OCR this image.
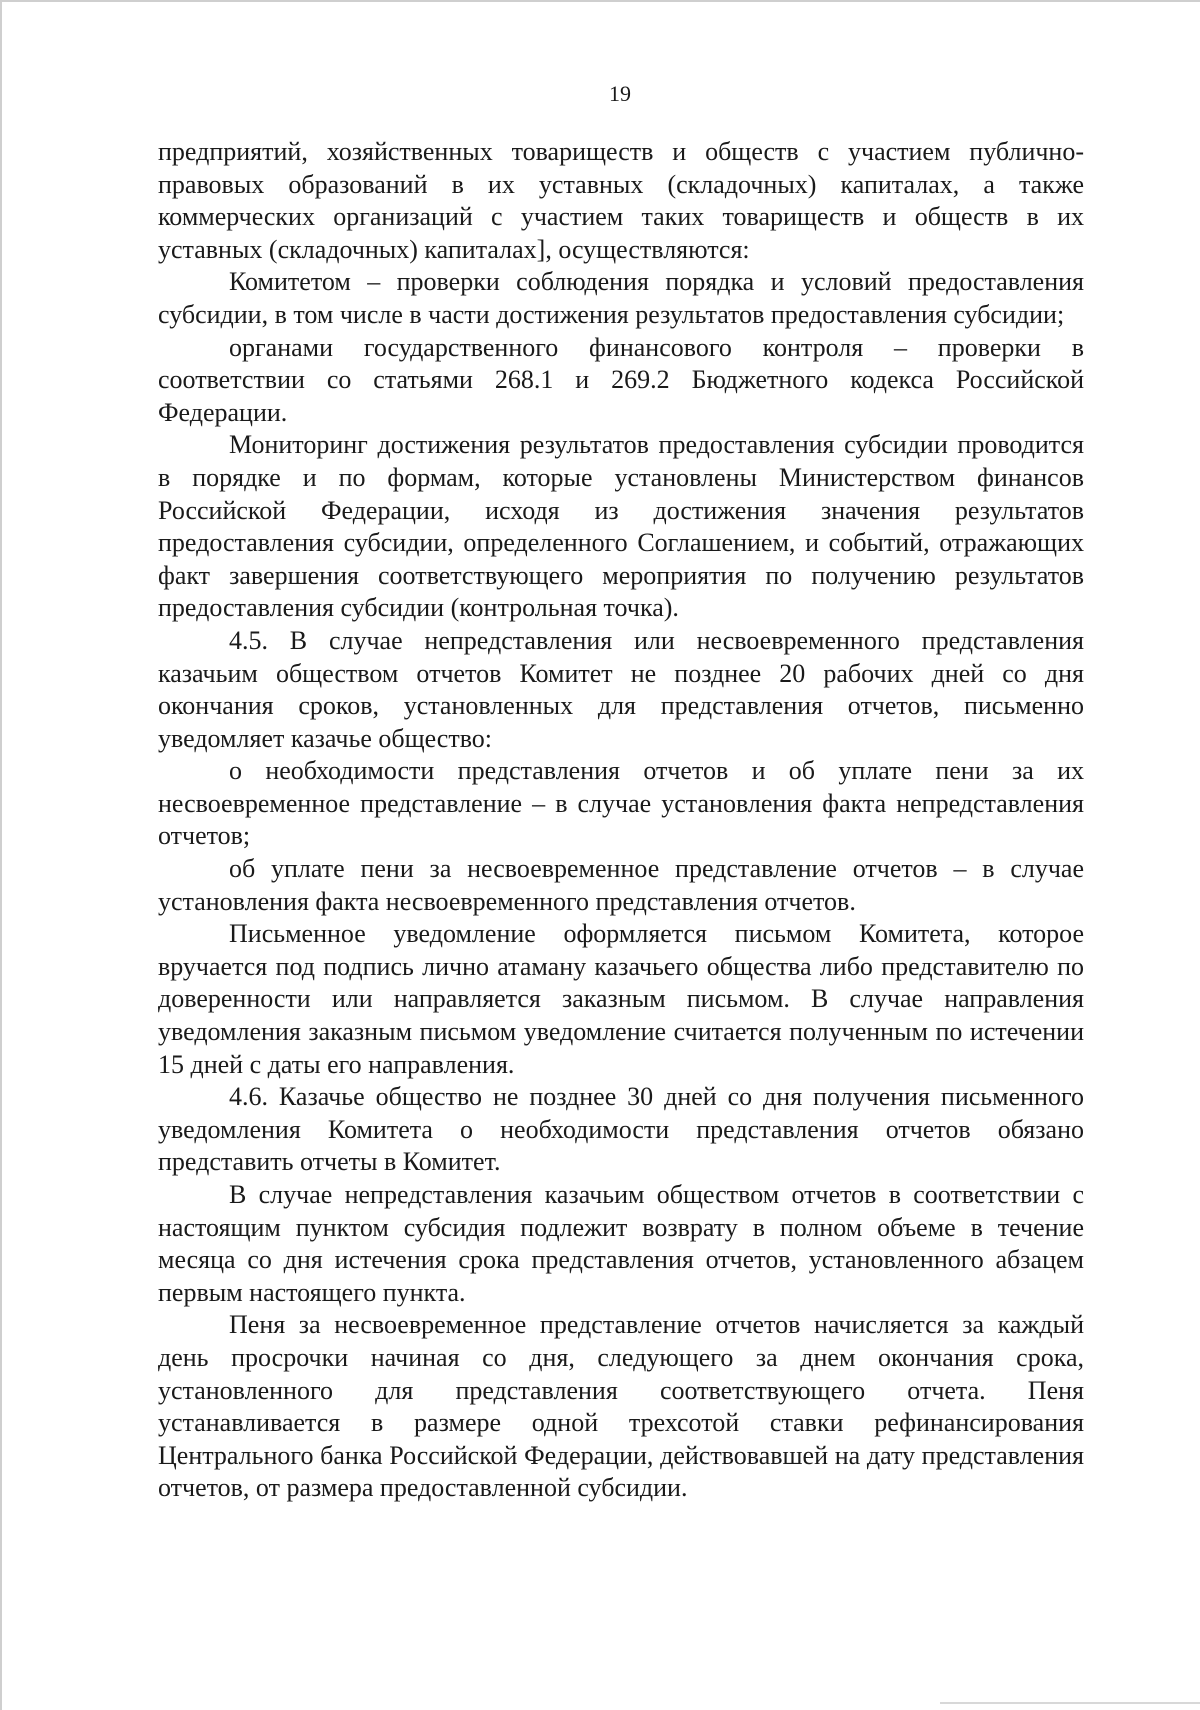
19

предприятий, хозяйственных товариществ и обществ с участием публично-правовых образований в их уставных (складочных) капиталах, а также коммерческих организаций с участием таких товариществ и обществ в их уставных (складочных) капиталах], осуществляются:

Комитетом – проверки соблюдения порядка и условий предоставления субсидии, в том числе в части достижения результатов предоставления субсидии;

органами государственного финансового контроля – проверки в соответствии со статьями 268.1 и 269.2 Бюджетного кодекса Российской Федерации.

Мониторинг достижения результатов предоставления субсидии проводится в порядке и по формам, которые установлены Министерством финансов Российской Федерации, исходя из достижения значения результатов предоставления субсидии, определенного Соглашением, и событий, отражающих факт завершения соответствующего мероприятия по получению результатов предоставления субсидии (контрольная точка).

4.5. В случае непредставления или несвоевременного представления казачьим обществом отчетов Комитет не позднее 20 рабочих дней со дня окончания сроков, установленных для представления отчетов, письменно уведомляет казачье общество:

о необходимости представления отчетов и об уплате пени за их несвоевременное представление – в случае установления факта непредставления отчетов;

об уплате пени за несвоевременное представление отчетов – в случае установления факта несвоевременного представления отчетов.

Письменное уведомление оформляется письмом Комитета, которое вручается под подпись лично атаману казачьего общества либо представителю по доверенности или направляется заказным письмом. В случае направления уведомления заказным письмом уведомление считается полученным по истечении 15 дней с даты его направления.

4.6. Казачье общество не позднее 30 дней со дня получения письменного уведомления Комитета о необходимости представления отчетов обязано представить отчеты в Комитет.

В случае непредставления казачьим обществом отчетов в соответствии с настоящим пунктом субсидия подлежит возврату в полном объеме в течение месяца со дня истечения срока представления отчетов, установленного абзацем первым настоящего пункта.

Пеня за несвоевременное представление отчетов начисляется за каждый день просрочки начиная со дня, следующего за днем окончания срока, установленного для представления соответствующего отчета. Пеня устанавливается в размере одной трехсотой ставки рефинансирования Центрального банка Российской Федерации, действовавшей на дату представления отчетов, от размера предоставленной субсидии.
